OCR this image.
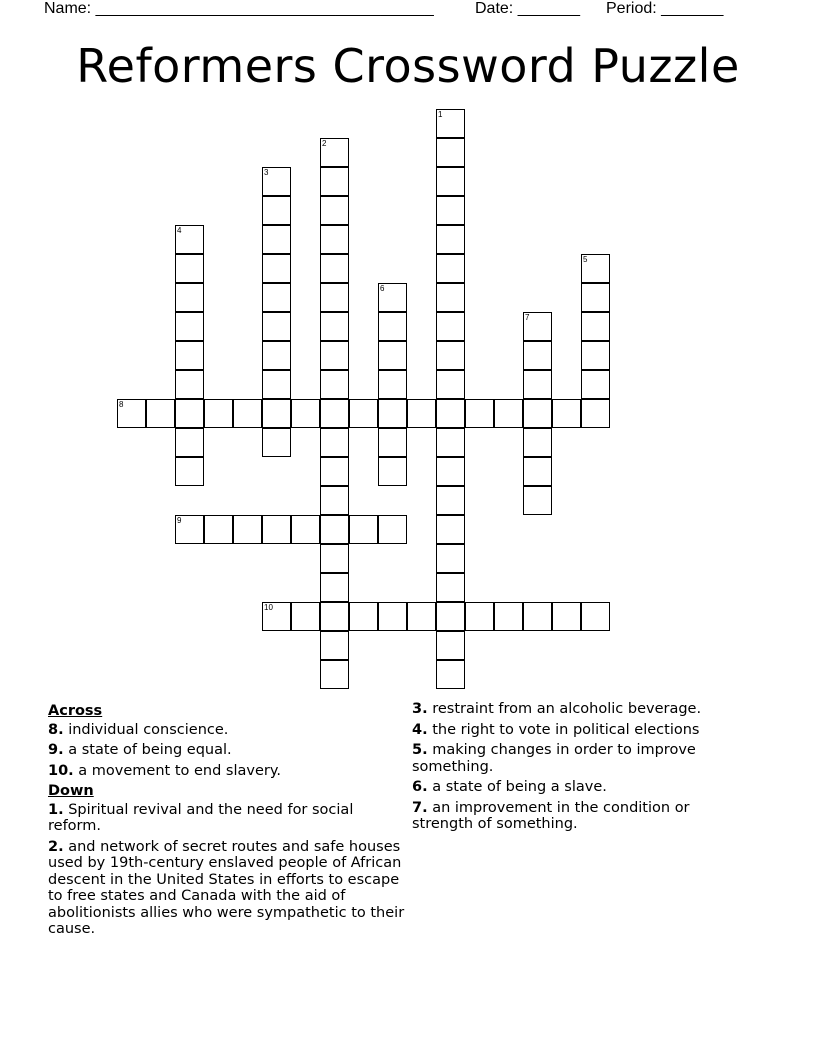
Name: ______________________________________	Date: _______ Period: _______
Reformers Crossword Puzzle
1
2
3
4
5
6
7
8
9
10
Across
8. individual conscience.
9. a state of being equal.
10. a movement to end slavery.
Down
1. Spiritual revival and the need for social reform.
2. and network of secret routes and safe houses used by 19th-century enslaved people of African descent in the United States in efforts to escape to free states and Canada with the aid of abolitionists allies who were sympathetic to their cause.
3. restraint from an alcoholic beverage.
4. the right to vote in political elections
5. making changes in order to improve something.
6. a state of being a slave.
7. an improvement in the condition or strength of something.
